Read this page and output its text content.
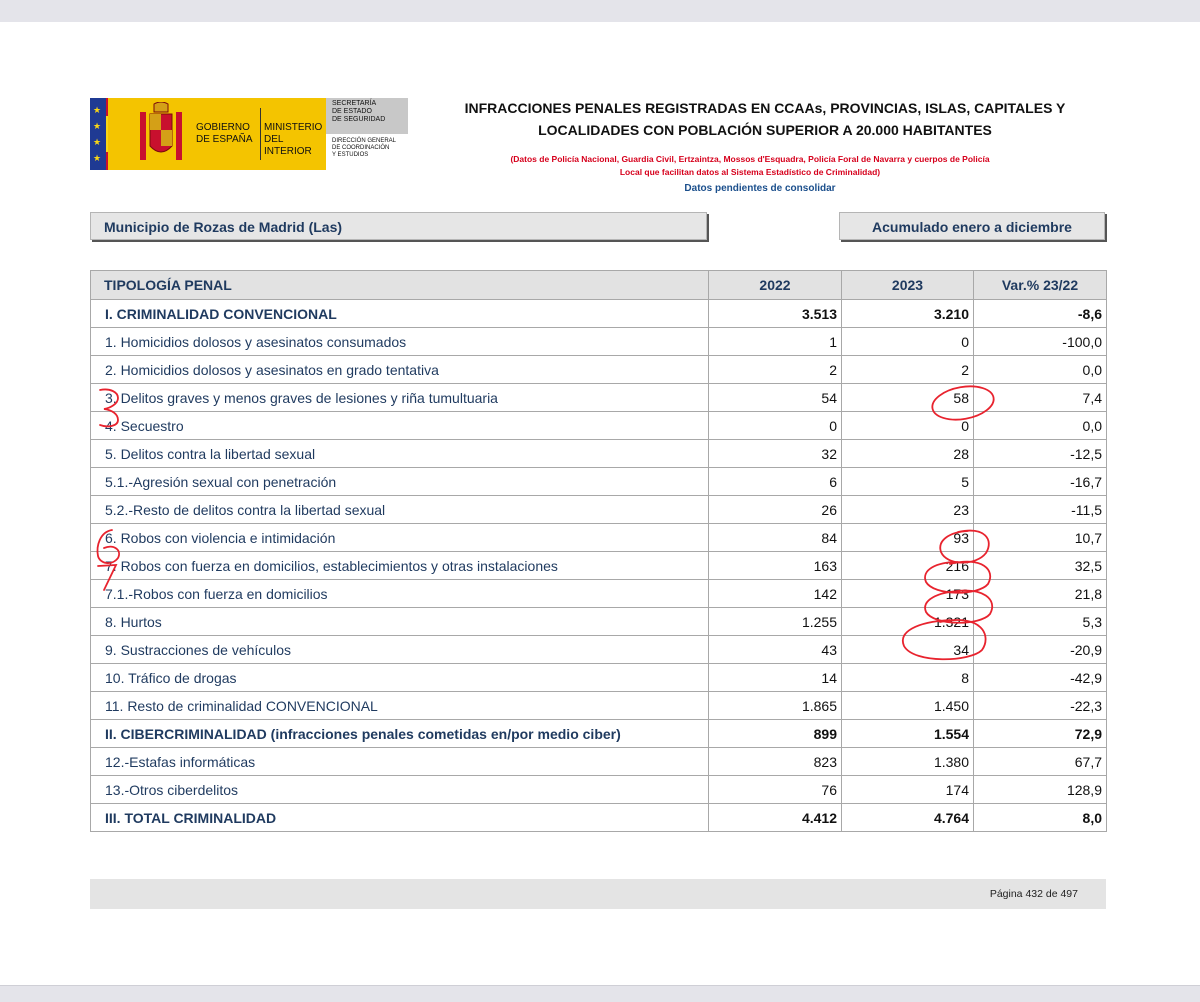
★
★
★
★
GOBIERNO
DE ESPAÑA
MINISTERIO
DEL INTERIOR
SECRETARÍA
DE ESTADO
DE SEGURIDAD
DIRECCIÓN GENERAL
DE COORDINACIÓN
Y ESTUDIOS
INFRACCIONES PENALES REGISTRADAS EN CCAAs, PROVINCIAS, ISLAS, CAPITALES Y
LOCALIDADES CON POBLACIÓN SUPERIOR A 20.000 HABITANTES
(Datos de Policía Nacional, Guardia Civil, Ertzaintza, Mossos d'Esquadra, Policía Foral de Navarra y cuerpos de Policía
Local que facilitan datos al Sistema Estadístico de Criminalidad)
Datos pendientes de consolidar
Municipio de Rozas de Madrid (Las)	Acumulado enero a diciembre
TIPOLOGÍA PENAL	2022	2023	Var.% 23/22
I. CRIMINALIDAD CONVENCIONAL	3.513	3.210	-8,6
1. Homicidios dolosos y asesinatos consumados	1	0	-100,0
2. Homicidios dolosos y asesinatos en grado tentativa	2	2	0,0
3. Delitos graves y menos graves de lesiones y riña tumultuaria	54	58	7,4
4. Secuestro	0	0	0,0
5. Delitos contra la libertad sexual	32	28	-12,5
5.1.-Agresión sexual con penetración	6	5	-16,7
5.2.-Resto de delitos contra la libertad sexual	26	23	-11,5
6. Robos con violencia e intimidación	84	93	10,7
7. Robos con fuerza en domicilios, establecimientos y otras instalaciones	163	216	32,5
7.1.-Robos con fuerza en domicilios	142	173	21,8
8. Hurtos	1.255	1.321	5,3
9. Sustracciones de vehículos	43	34	-20,9
10. Tráfico de drogas	14	8	-42,9
11. Resto de criminalidad CONVENCIONAL	1.865	1.450	-22,3
II. CIBERCRIMINALIDAD (infracciones penales cometidas en/por medio ciber)	899	1.554	72,9
12.-Estafas informáticas	823	1.380	67,7
13.-Otros ciberdelitos	76	174	128,9
III. TOTAL CRIMINALIDAD	4.412	4.764	8,0
Página 432 de 497
